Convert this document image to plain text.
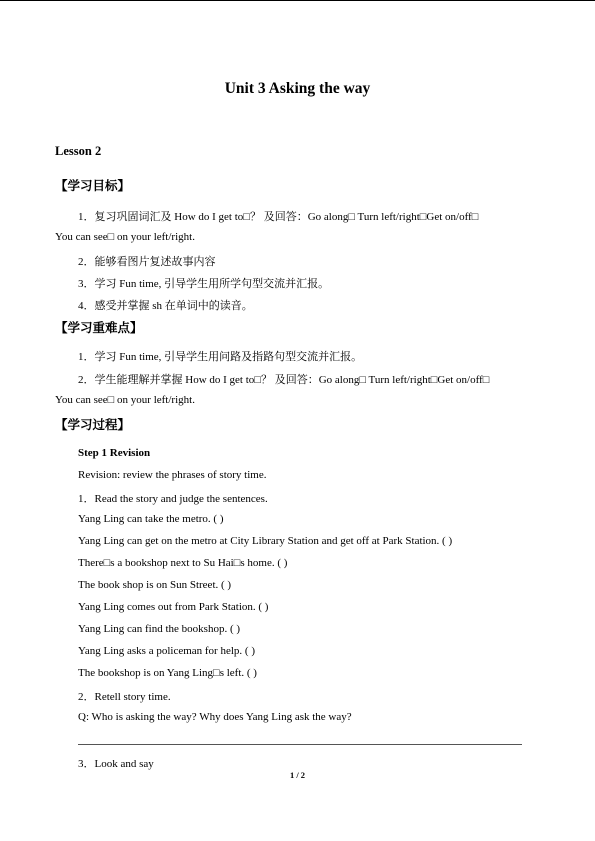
Unit 3 Asking the way
Lesson 2
【学习目标】
1．复习巩固词汇及 How do I get to□？ 及回答：Go along□ Turn left/right□Get on/off□
You can see□ on your left/right.
2．能够看图片复述故事内容
3．学习 Fun time, 引导学生用所学句型交流并汇报。
4．感受并掌握 sh 在单词中的读音。
【学习重难点】
1．学习 Fun time, 引导学生用问路及指路句型交流并汇报。
2．学生能理解并掌握 How do I get to□？ 及回答：Go along□ Turn left/right□Get on/off□
You can see□ on your left/right.
【学习过程】
Step 1 Revision
Revision: review the phrases of story time.
1．Read the story and judge the sentences.
Yang Ling can take the metro. ( )
Yang Ling can get on the metro at City Library Station and get off at Park Station. ( )
There□s a bookshop next to Su Hai□s home. ( )
The book shop is on Sun Street. ( )
Yang Ling comes out from Park Station. ( )
Yang Ling can find the bookshop. ( )
Yang Ling asks a policeman for help. ( )
The bookshop is on Yang Ling□s left. ( )
2．Retell story time.
Q: Who is asking the way? Why does Yang Ling ask the way?
3．Look and say
1 / 2
